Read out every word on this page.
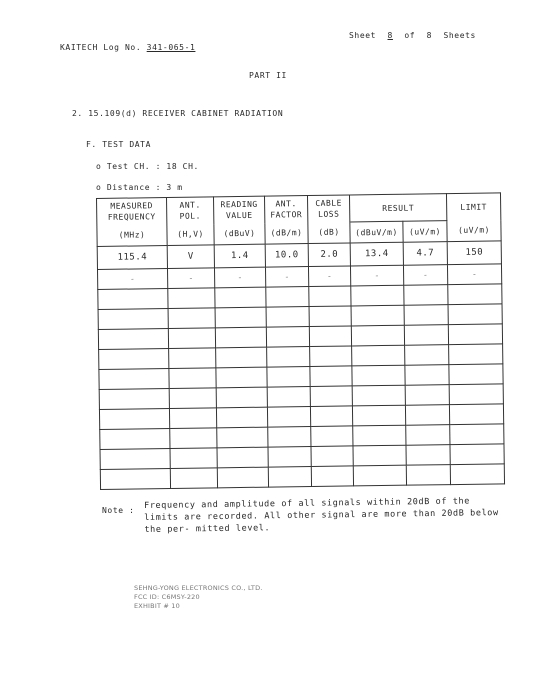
Sheet 8 of 8 Sheets
KAITECH Log No. 341-065-1
PART II
2. 15.109(d) RECEIVER CABINET RADIATION
F. TEST DATA
o Test CH. : 18 CH.
o Distance : 3 m
MEASURED FREQUENCY	ANT. POL.	READING VALUE	ANT. FACTOR	CABLE LOSS	RESULT		LIMIT
(MHz)	(H,V)	(dBuV)	(dB/m)	(dB)	(dBuV/m)	(uV/m)	(uV/m)
115.4	V	1.4	10.0	2.0	13.4	4.7	150
-	-	-	-	-	-	-	-

Note : Frequency and amplitude of all signals within 20dB of the limits are recorded. All other signal are more than 20dB below the per- mitted level.
SEHNG-YONG ELECTRONICS CO., LTD.
FCC ID: C6MSY-220
EXHIBIT # 10
